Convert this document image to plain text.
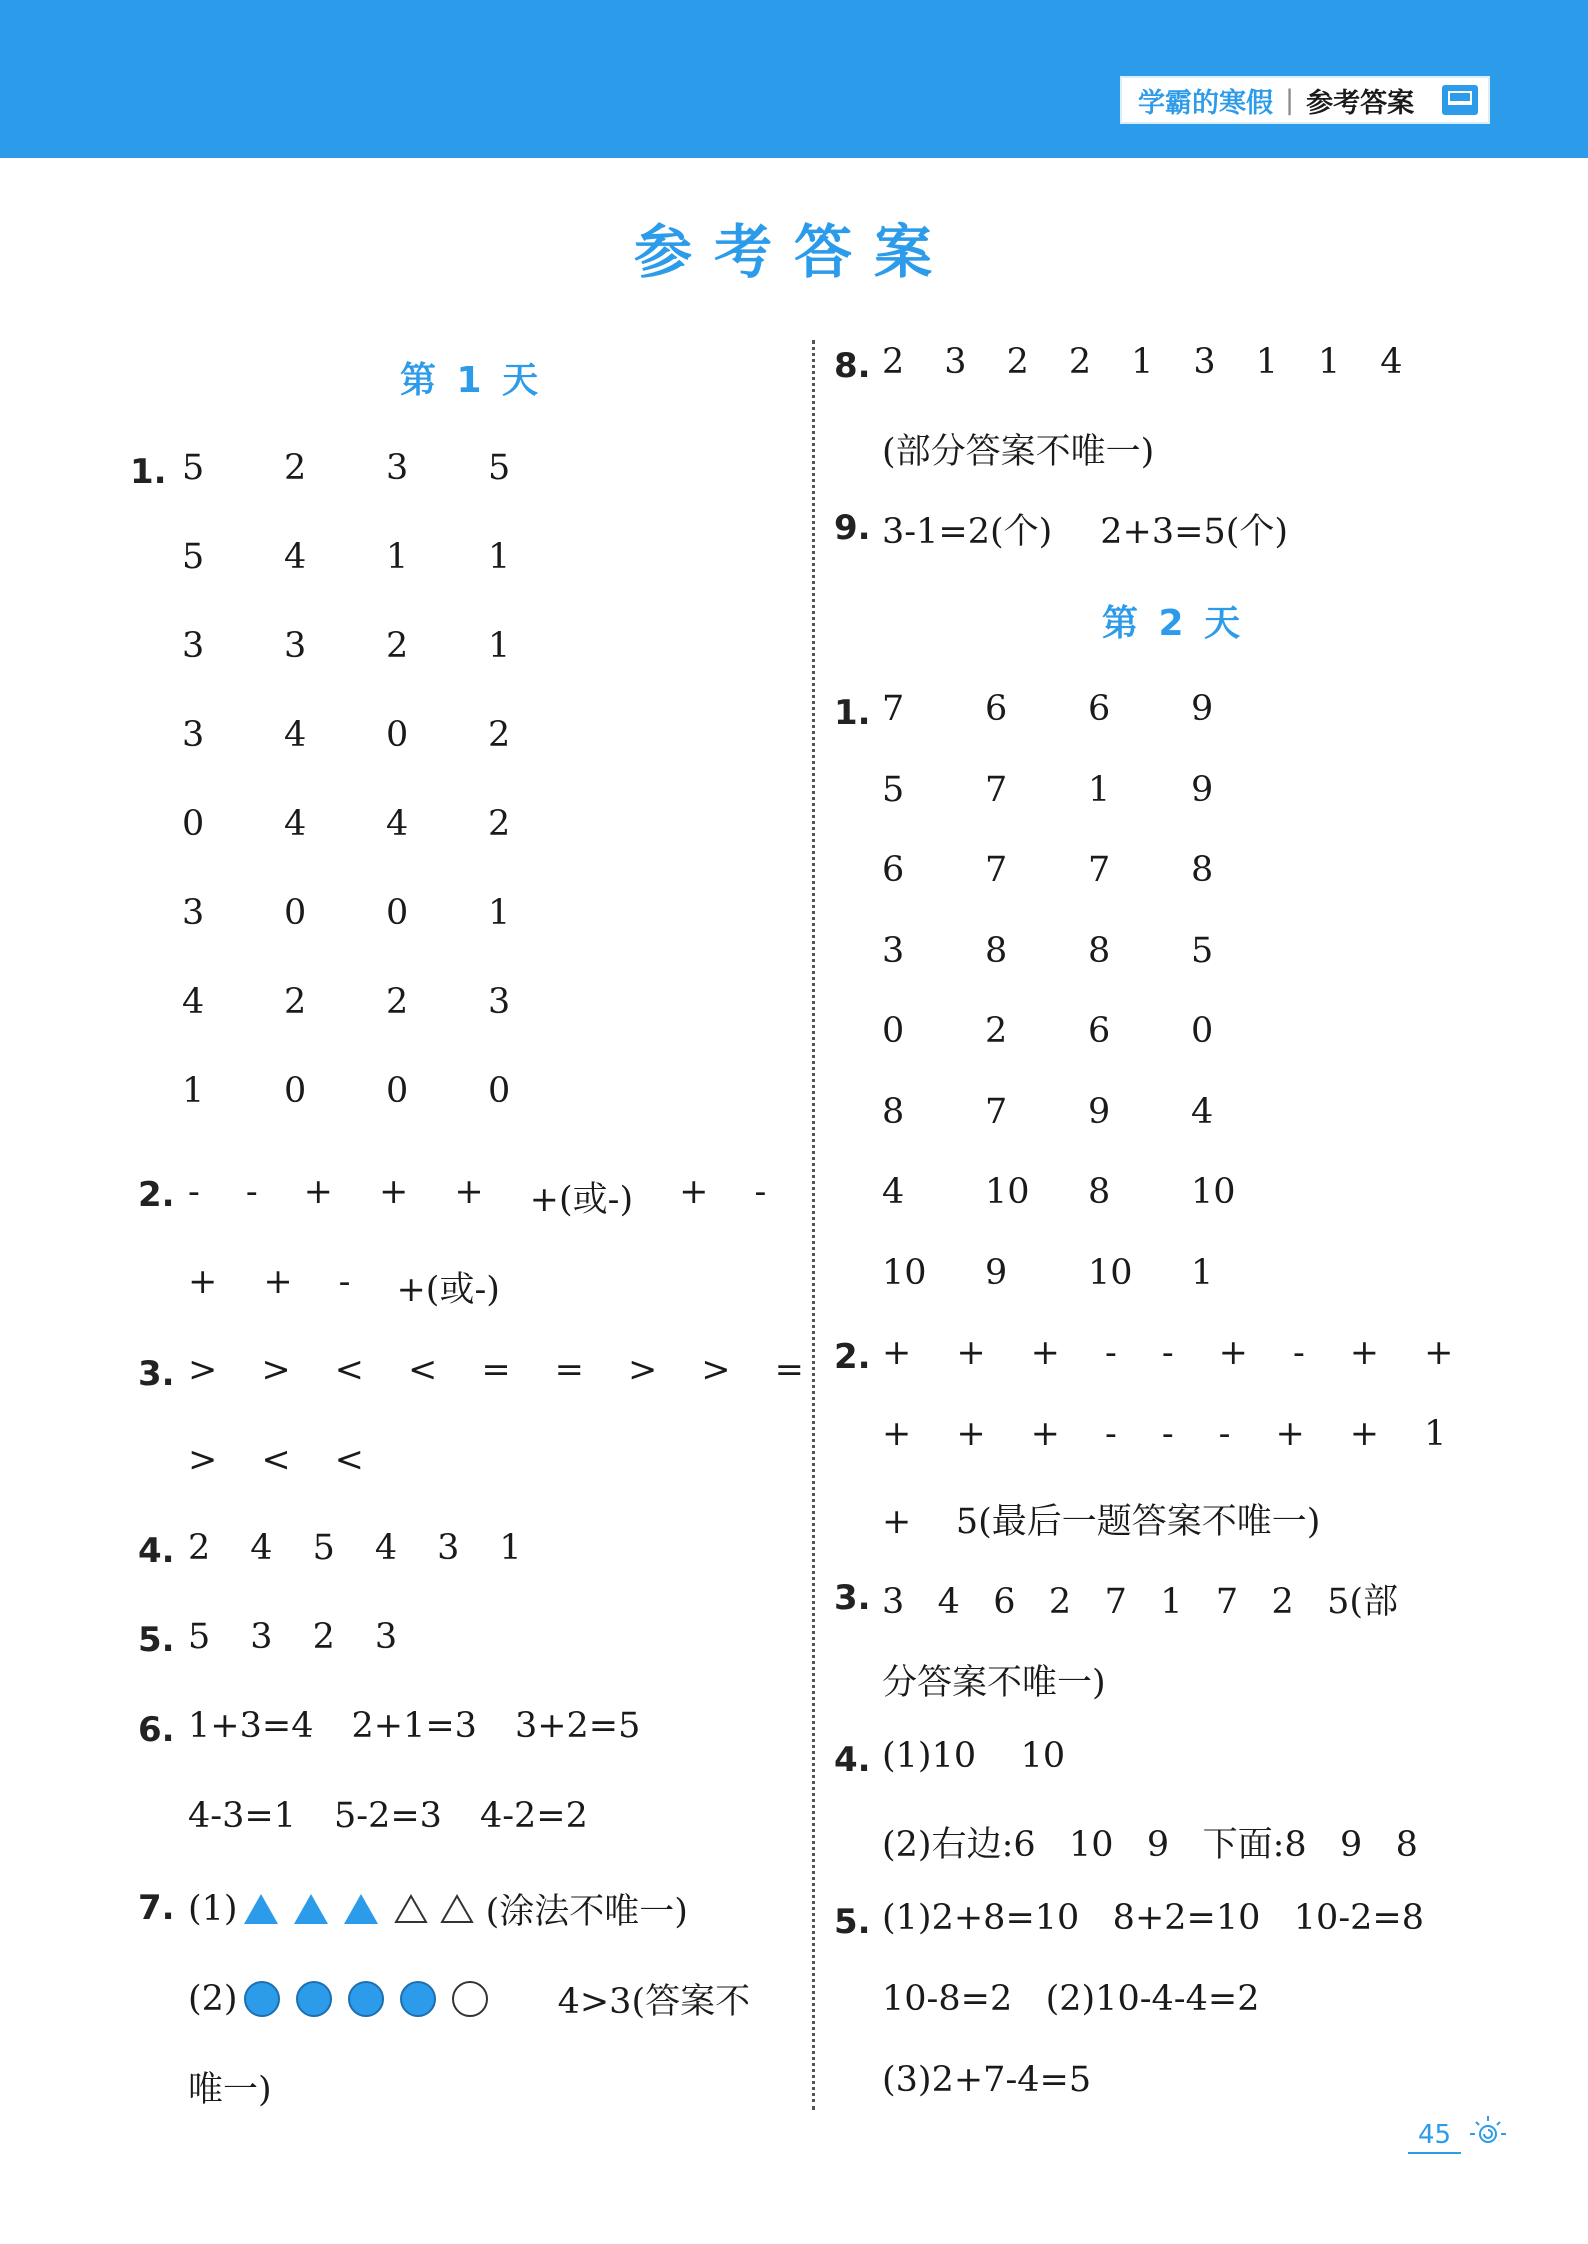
学霸的寒假 | 参考答案
参考答案
第 1 天
1. 5 2 3 5
5 4 1 1
3 3 2 1
3 4 0 2
0 4 4 2
3 0 0 1
4 2 2 3
1 0 0 0
2. - - + + + +(或-) + -
+ + - +(或-)
3. > > < < = = > > =
> < <
4. 2 4 5 4 3 1
5. 5 3 2 3
6. 1+3=4 2+1=3 3+2=5
4-3=1 5-2=3 4-2=2
7. (1)	(涂法不唯一)
(2)	4>3(答案不
唯一)
8. 2 3 2 2 1 3 1 1 4
(部分答案不唯一)
9. 3-1=2(个) 2+3=5(个)
第 2 天
1. 7 6 6 9
5 7 1 9
6 7 7 8
3 8 8 5
0 2 6 0
8 7 9 4
4 10 8 10
10 9 10 1
2. + + + - - + - + +
+ + + - - - + + 1
+    5(最后一题答案不唯一)
3. 3   4   6   2   7   1   7   2   5(部
分答案不唯一)
4. (1)10    10
(2)右边:6   10   9   下面:8   9   8
5. (1)2+8=10   8+2=10   10-2=8
10-8=2   (2)10-4-4=2
(3)2+7-4=5
45
